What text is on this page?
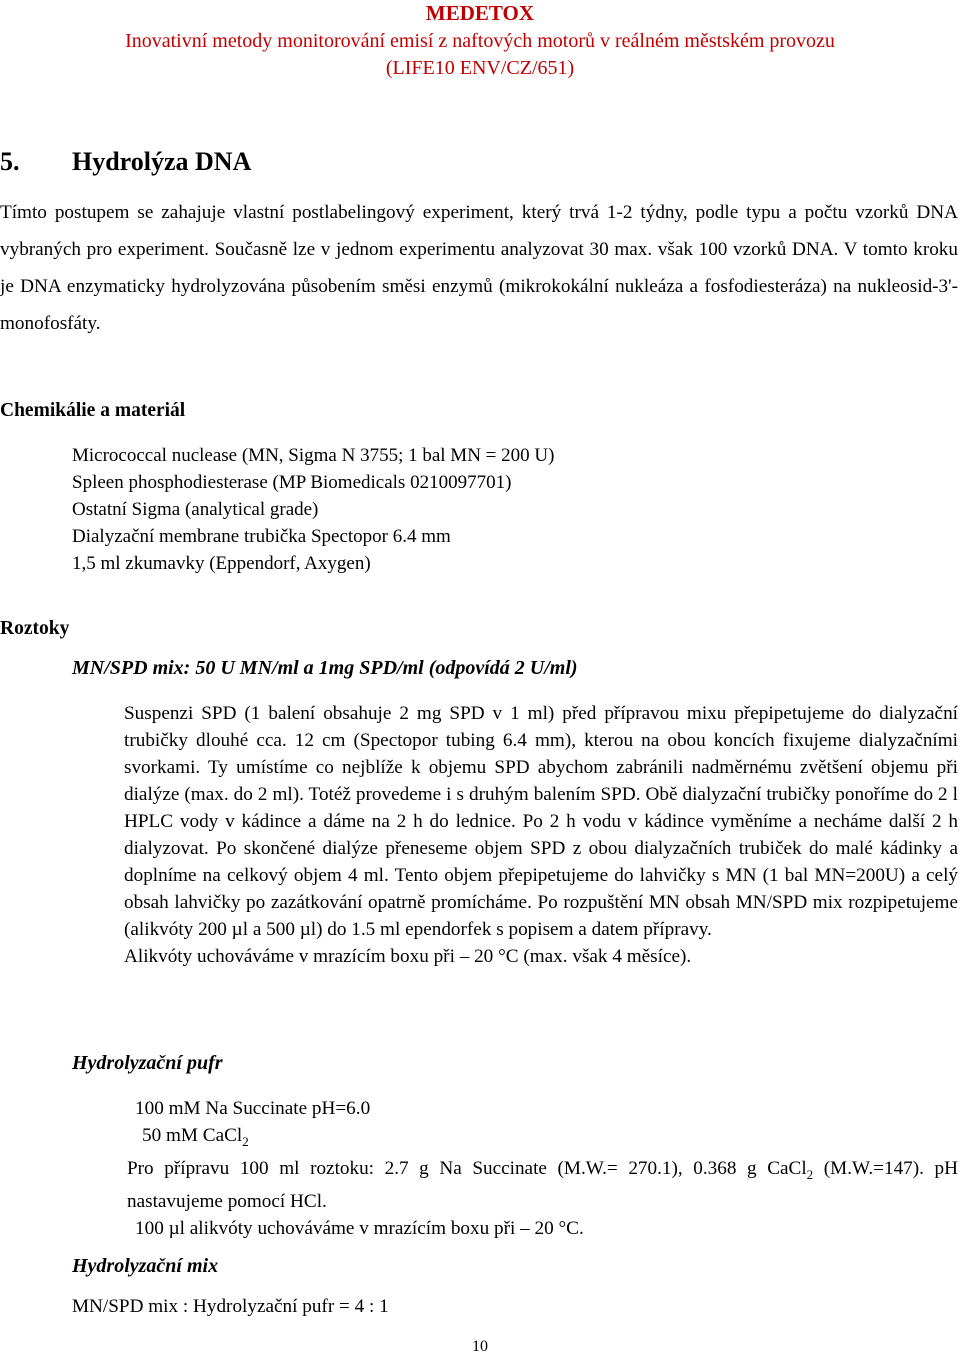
MEDETOX
Inovativní metody monitorování emisí z naftových motorů v reálném městském provozu
(LIFE10 ENV/CZ/651)
5. Hydrolýza DNA
Tímto postupem se zahajuje vlastní postlabelingový experiment, který trvá 1-2 týdny, podle typu a počtu vzorků DNA vybraných pro experiment. Současně lze v jednom experimentu analyzovat 30 max. však 100 vzorků DNA. V tomto kroku je DNA enzymaticky hydrolyzována působením směsi enzymů (mikrokokální nukleáza a fosfodiesteráza) na nukleosid-3'-monofosfáty.
Chemikálie a materiál
Micrococcal nuclease (MN, Sigma N 3755; 1 bal MN = 200 U)
Spleen phosphodiesterase (MP Biomedicals 0210097701)
Ostatní Sigma (analytical grade)
Dialyzační membrane trubička Spectopor 6.4 mm
1,5 ml zkumavky (Eppendorf, Axygen)
Roztoky
MN/SPD mix: 50 U MN/ml a 1mg SPD/ml (odpovídá 2 U/ml)

Suspenzi SPD (1 balení obsahuje 2 mg SPD v 1 ml) před přípravou mixu přepipetujeme do dialyzační trubičky dlouhé cca. 12 cm (Spectopor tubing 6.4 mm), kterou na obou koncích fixujeme dialyzačními svorkami. Ty umístíme co nejblíže k objemu SPD abychom zabránili nadměrnému zvětšení objemu při dialýze (max. do 2 ml). Totéž provedeme i s druhým balením SPD. Obě dialyzační trubičky ponoříme do 2 l HPLC vody v kádince a dáme na 2 h do lednice. Po 2 h vodu v kádince vyměníme a necháme další 2 h dialyzovat. Po skončené dialýze přeneseme objem SPD z obou dialyzačních trubiček do malé kádinky a doplníme na celkový objem 4 ml. Tento objem přepipetujeme do lahvičky s MN (1 bal MN=200U) a celý obsah lahvičky po zazátkování opatrně promícháme. Po rozpuštění MN obsah MN/SPD mix rozpipetujeme (alikvóty 200 µl a 500 µl) do 1.5 ml ependorfek s popisem a datem přípravy.

Alikvóty uchováváme v mrazícím boxu při – 20 °C (max. však 4 měsíce).

Hydrolyzační pufr

100 mM Na Succinate pH=6.0

50 mM CaCl$_2$

Pro přípravu 100 ml roztoku: 2.7 g Na Succinate (M.W.= 270.1), 0.368 g CaCl$_2$ (M.W.=147). pH nastavujeme pomocí HCl.

100 µl alikvóty uchováváme v mrazícím boxu při – 20 °C.

Hydrolyzační mix
MN/SPD mix : Hydrolyzační pufr = 4 : 1
10
